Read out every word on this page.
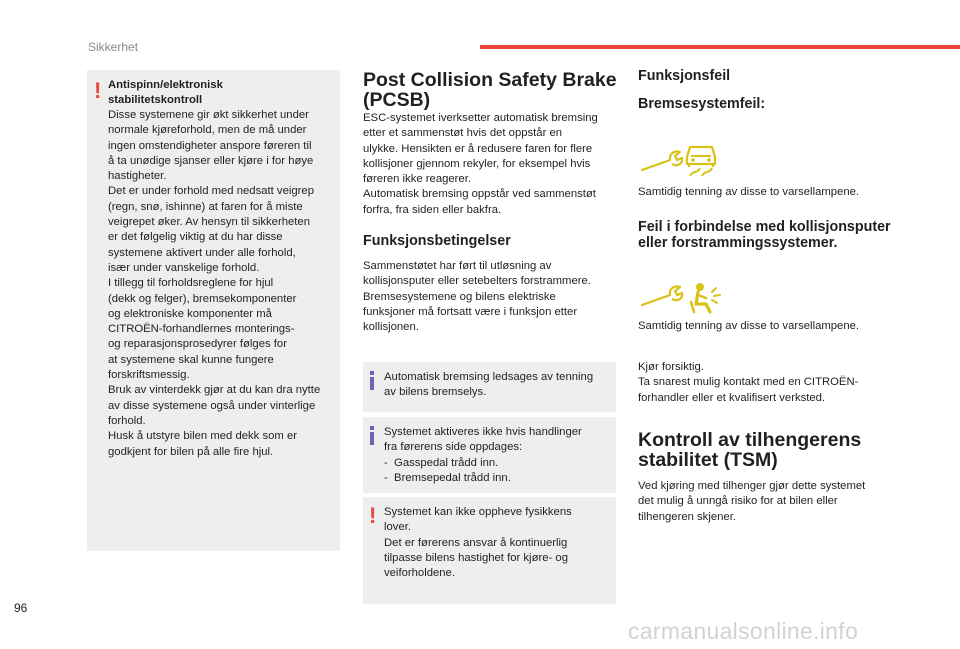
Sikkerhet
! Antispinn/elektronisk
stabilitetskontroll
Disse systemene gir økt sikkerhet under
normale kjøreforhold, men de må under
ingen omstendigheter anspore føreren til
å ta unødige sjanser eller kjøre i for høye
hastigheter.
Det er under forhold med nedsatt veigrep
(regn, snø, ishinne) at faren for å miste
veigrepet øker. Av hensyn til sikkerheten
er det følgelig viktig at du har disse
systemene aktivert under alle forhold,
især under vanskelige forhold.
I tillegg til forholdsreglene for hjul
(dekk og felger), bremsekomponenter
og elektroniske komponenter må
CITROËN-forhandlernes monterings-
og reparasjonsprosedyrer følges for
at systemene skal kunne fungere
forskriftsmessig.
Bruk av vinterdekk gjør at du kan dra nytte
av disse systemene også under vinterlige
forhold.
Husk å utstyre bilen med dekk som er
godkjent for bilen på alle fire hjul.
Post Collision Safety Brake (PCSB)
ESC-systemet iverksetter automatisk bremsing
etter et sammenstøt hvis det oppstår en
ulykke. Hensikten er å redusere faren for flere
kollisjoner gjennom rekyler, for eksempel hvis
føreren ikke reagerer.
Automatisk bremsing oppstår ved sammenstøt
forfra, fra siden eller bakfra.
Funksjonsbetingelser
Sammenstøtet har ført til utløsning av
kollisjonsputer eller setebelters forstrammere.
Bremsesystemene og bilens elektriske
funksjoner må fortsatt være i funksjon etter
kollisjonen.
Automatisk bremsing ledsages av tenning
av bilens bremselys.
Systemet aktiveres ikke hvis handlinger
fra førerens side oppdages:
-  Gasspedal trådd inn.
-  Bremsepedal trådd inn.
! Systemet kan ikke oppheve fysikkens
lover.
Det er førerens ansvar å kontinuerlig
tilpasse bilens hastighet for kjøre- og
veiforholdene.
Funksjonsfeil
Bremsesystemfeil:
Samtidig tenning av disse to varsellampene.
Feil i forbindelse med kollisjonsputer eller forstrammingssystemer.
Samtidig tenning av disse to varsellampene.
Kjør forsiktig.
Ta snarest mulig kontakt med en CITROËN-
forhandler eller et kvalifisert verksted.
Kontroll av tilhengerens stabilitet (TSM)
Ved kjøring med tilhenger gjør dette systemet
det mulig å unngå risiko for at bilen eller
tilhengeren skjener.
96
carmanualsonline.info
